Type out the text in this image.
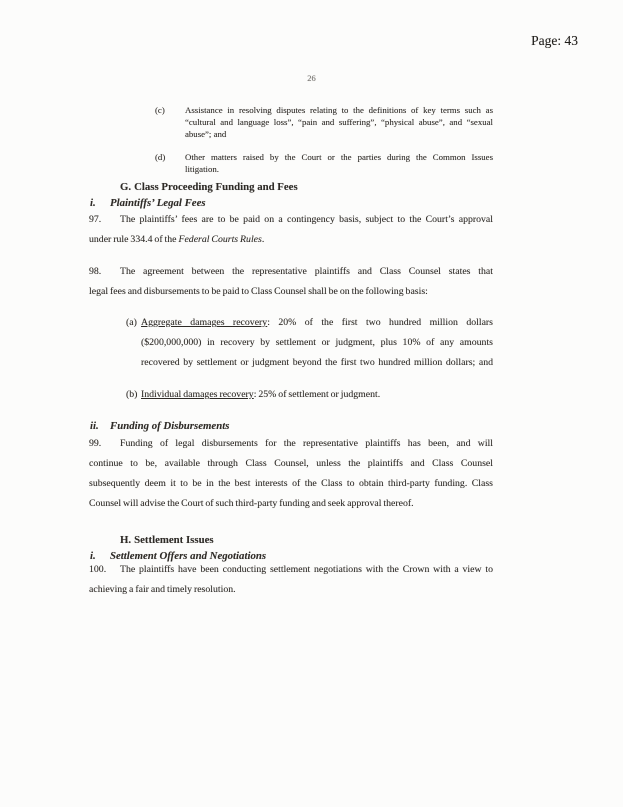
Page: 43
26
(c) Assistance in resolving disputes relating to the definitions of key terms such as
“cultural and language loss”, “pain and suffering”, “physical abuse”, and “sexual
abuse”; and
(d) Other matters raised by the Court or the parties during the Common Issues
litigation.
G. Class Proceeding Funding and Fees
i. Plaintiffs’ Legal Fees
97. The plaintiffs’ fees are to be paid on a contingency basis, subject to the Court’s approval
under rule 334.4 of the Federal Courts Rules.
98. The agreement between the representative plaintiffs and Class Counsel states that
legal fees and disbursements to be paid to Class Counsel shall be on the following basis:
(a) Aggregate damages recovery: 20% of the first two hundred million dollars
($200,000,000) in recovery by settlement or judgment, plus 10% of any amounts
recovered by settlement or judgment beyond the first two hundred million dollars; and
(b) Individual damages recovery: 25% of settlement or judgment.
ii. Funding of Disbursements
99. Funding of legal disbursements for the representative plaintiffs has been, and will
continue to be, available through Class Counsel, unless the plaintiffs and Class Counsel
subsequently deem it to be in the best interests of the Class to obtain third-party funding. Class
Counsel will advise the Court of such third-party funding and seek approval thereof.
H. Settlement Issues
i. Settlement Offers and Negotiations
100. The plaintiffs have been conducting settlement negotiations with the Crown with a view to
achieving a fair and timely resolution.
